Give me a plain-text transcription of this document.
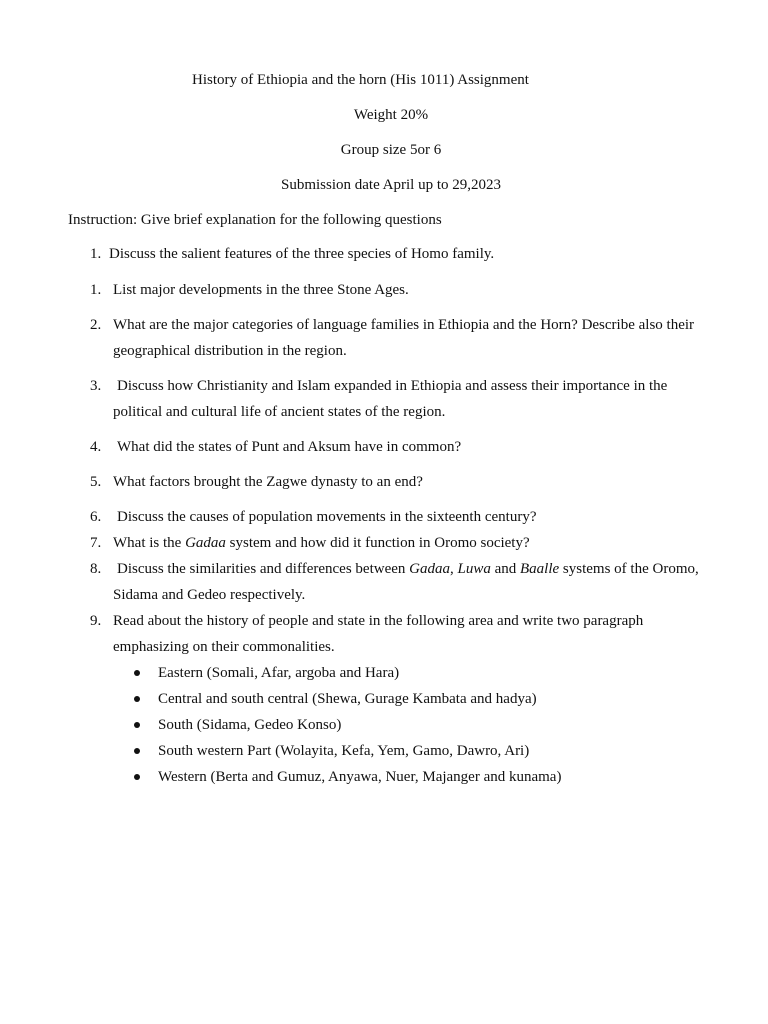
History of Ethiopia and the horn (His 1011) Assignment
Weight 20%
Group size 5or 6
Submission date April up to 29,2023
Instruction: Give brief explanation for the following questions
1. Discuss the salient features of the three species of Homo family.
1. List major developments in the three Stone Ages.
2. What are the major categories of language families in Ethiopia and the Horn? Describe also their
geographical distribution in the region.
3. Discuss how Christianity and Islam expanded in Ethiopia and assess their importance in the
political and cultural life of ancient states of the region.
4. What did the states of Punt and Aksum have in common?
5. What factors brought the Zagwe dynasty to an end?
6. Discuss the causes of population movements in the sixteenth century?
7. What is the Gadaa system and how did it function in Oromo society?
8. Discuss the similarities and differences between Gadaa, Luwa and Baalle systems of the Oromo,
Sidama and Gedeo respectively.
9. Read about the history of people and state in the following area and write two paragraph
emphasizing on their commonalities.
Eastern (Somali, Afar, argoba and Hara)
Central and south central (Shewa, Gurage Kambata and hadya)
South (Sidama, Gedeo Konso)
South western Part (Wolayita, Kefa, Yem, Gamo, Dawro, Ari)
Western (Berta and Gumuz, Anyawa, Nuer, Majanger and kunama)
